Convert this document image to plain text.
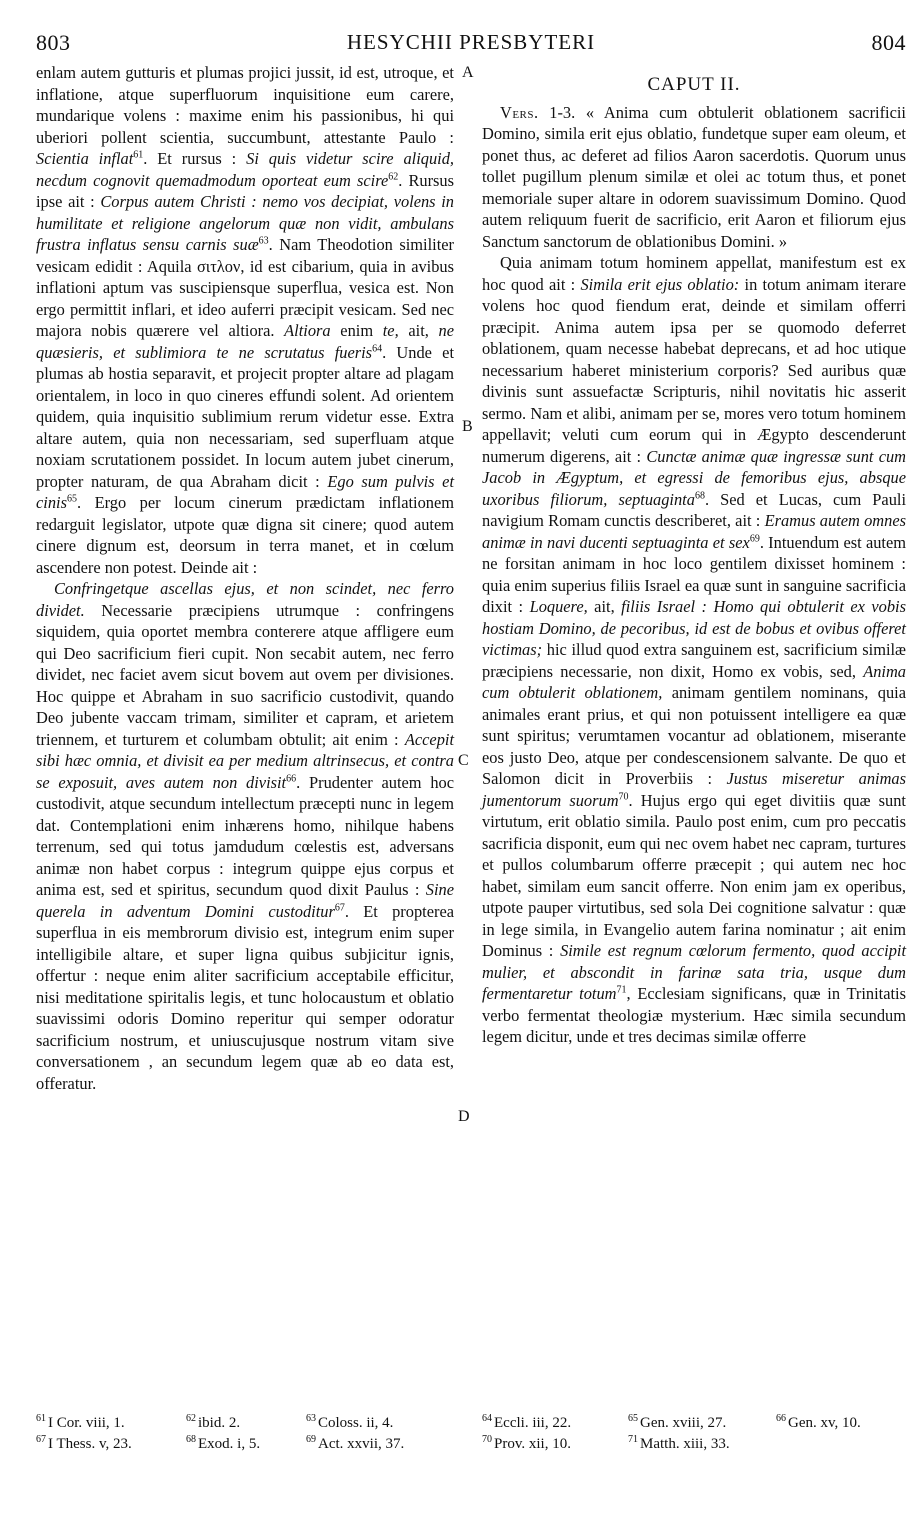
803	HESYCHII PRESBYTERI	804

enlam autem gutturis et plumas projici jussit, id est, utroque, et inflatione, atque superfluorum inquisitione eum carere, mundarique volens : maxime enim his passionibus, hi qui uberiori pollent scientia, succumbunt, attestante Paulo : Scientia inflat$^{61}$. Et rursus : Si quis videtur scire aliquid, necdum cognovit quemadmodum oporteat eum scire$^{62}$. Rursus ipse ait : Corpus autem Christi : nemo vos decipiat, volens in humilitate et religione angelorum quæ non vidit, ambulans frustra inflatus sensu carnis suæ$^{63}$. Nam Theodotion similiter vesicam edidit : Aquila σιτλον, id est cibarium, quia in avibus inflationi aptum vas suscipiensque superflua, vesica est. Non ergo permittit inflari, et ideo auferri præcipit vesicam. Sed nec majora nobis quærere vel altiora. Altiora enim te, ait, ne quæsieris, et sublimiora te ne scrutatus fueris$^{64}$. Unde et plumas ab hostia separavit, et projecit propter altare ad plagam orientalem, in loco in quo cineres effundi solent. Ad orientem quidem, quia inquisitio sublimium rerum videtur esse. Extra altare autem, quia non necessariam, sed superfluam atque noxiam scrutationem possidet. In locum autem jubet cinerum, propter naturam, de qua Abraham dicit : Ego sum pulvis et cinis$^{65}$. Ergo per locum cinerum prædictam inflationem redarguit legislator, utpote quæ digna sit cinere; quod autem cinere dignum est, deorsum in terra manet, et in cœlum ascendere non potest. Deinde ait :

Confringetque ascellas ejus, et non scindet, nec ferro dividet. Necessarie præcipiens utrumque : confringens siquidem, quia oportet membra conterere atque affligere eum qui Deo sacrificium fieri cupit. Non secabit autem, nec ferro dividet, nec faciet avem sicut bovem aut ovem per divisiones. Hoc quippe et Abraham in suo sacrificio custodivit, quando Deo jubente vaccam trimam, similiter et capram, et arietem triennem, et turturem et columbam obtulit; ait enim : Accepit sibi hæc omnia, et divisit ea per medium altrinsecus, et contra se exposuit, aves autem non divisit$^{66}$. Prudenter autem hoc custodivit, atque secundum intellectum præcepti nunc in legem dat. Contemplationi enim inhærens homo, nihilque habens terrenum, sed qui totus jamdudum cœlestis est, adversans animæ non habet corpus : integrum quippe ejus corpus et anima est, sed et spiritus, secundum quod dixit Paulus : Sine querela in adventum Domini custoditur$^{67}$. Et propterea superflua in eis membrorum divisio est, integrum enim super intelligibile altare, et super ligna quibus subjicitur ignis, offertur : neque enim aliter sacrificium acceptabile efficitur, nisi meditatione spiritalis legis, et tunc holocaustum et oblatio suavissimi odoris Domino reperitur qui semper odoratur sacrificium nostrum, et uniuscujusque nostrum vitam sive conversationem , an secundum legem quæ ab eo data est, offeratur.

CAPUT II.

Vers. 1-3. « Anima cum obtulerit oblationem sacrificii Domino, simila erit ejus oblatio, fundetque super eam oleum, et ponet thus, ac deferet ad filios Aaron sacerdotis. Quorum unus tollet pugillum plenum similæ et olei ac totum thus, et ponet memoriale super altare in odorem suavissimum Domino. Quod autem reliquum fuerit de sacrificio, erit Aaron et filiorum ejus Sanctum sanctorum de oblationibus Domini. »

Quia animam totum hominem appellat, manifestum est ex hoc quod ait : Simila erit ejus oblatio: in totum animam iterare volens hoc quod fiendum erat, deinde et similam offerri præcipit. Anima autem ipsa per se quomodo deferret oblationem, quam necesse habebat deprecans, et ad hoc utique necessarium haberet ministerium corporis? Sed auribus quæ divinis sunt assuefactæ Scripturis, nihil novitatis hic asserit sermo. Nam et alibi, animam per se, mores vero totum hominem appellavit; veluti cum eorum qui in Ægypto descenderunt numerum digerens, ait : Cunctæ animæ quæ ingressæ sunt cum Jacob in Ægyptum, et egressi de femoribus ejus, absque uxoribus filiorum, septuaginta$^{68}$. Sed et Lucas, cum Pauli navigium Romam cunctis describeret, ait : Eramus autem omnes animæ in navi ducenti septuaginta et sex$^{69}$. Intuendum est autem ne forsitan animam in hoc loco gentilem dixisset hominem : quia enim superius filiis Israel ea quæ sunt in sanguine sacrificia dixit : Loquere, ait, filiis Israel : Homo qui obtulerit ex vobis hostiam Domino, de pecoribus, id est de bobus et ovibus offeret victimas; hic illud quod extra sanguinem est, sacrificium similæ præcipiens necessarie, non dixit, Homo ex vobis, sed, Anima cum obtulerit oblationem, animam gentilem nominans, quia animales erant prius, et qui non potuissent intelligere ea quæ sunt spiritus; verumtamen vocantur ad oblationem, miserante eos justo Deo, atque per condescensionem salvante. De quo et Salomon dicit in Proverbiis : Justus miseretur animas jumentorum suorum$^{70}$. Hujus ergo qui eget divitiis quæ sunt virtutum, erit oblatio simila. Paulo post enim, cum pro peccatis sacrificia disponit, eum qui nec ovem habet nec capram, turtures et pullos columbarum offerre præcepit ; qui autem nec hoc habet, similam eum sancit offerre. Non enim jam ex operibus, utpote pauper virtutibus, sed sola Dei cognitione salvatur : quæ in lege simila, in Evangelio autem farina nominatur ; ait enim Dominus : Simile est regnum cœlorum fermento, quod accipit mulier, et abscondit in farinæ sata tria, usque dum fermentaretur totum$^{71}$, Ecclesiam significans, quæ in Trinitatis verbo fermentat theologiæ mysterium. Hæc simila secundum legem dicitur, unde et tres decimas similæ offerre

A
B
C
D
$^{61}$ I Cor. viii, 1.	$^{62}$ ibid. 2.	$^{63}$ Coloss. ii, 4.	$^{64}$ Eccli. iii, 22.	$^{65}$ Gen. xviii, 27.	$^{66}$ Gen. xv, 10.
$^{67}$ I Thess. v, 23.	$^{68}$ Exod. i, 5.	$^{69}$ Act. xxvii, 37.	$^{70}$ Prov. xii, 10.	$^{71}$ Matth. xiii, 33.
